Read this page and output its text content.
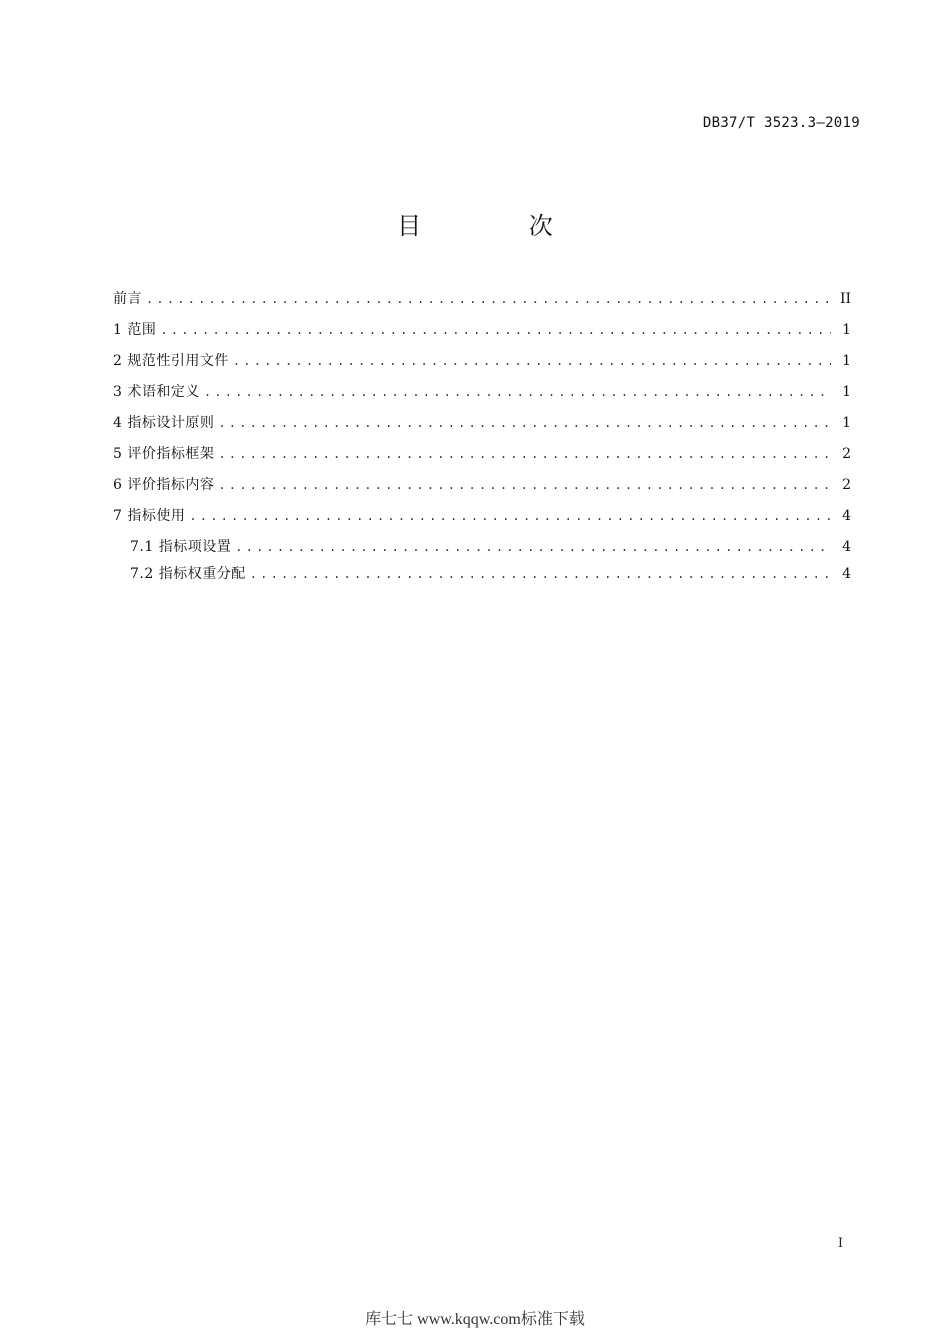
DB37/T 3523.3—2019
目 次
前言 .....	II
1 范围 .....	1
2 规范性引用文件 .....	1
3 术语和定义 .....	1
4 指标设计原则 .....	1
5 评价指标框架 .....	2
6 评价指标内容 .....	2
7 指标使用 .....	4
7.1 指标项设置 .....	4
7.2 指标权重分配 .....	4
I
库七七 www.kqqw.com标准下载
